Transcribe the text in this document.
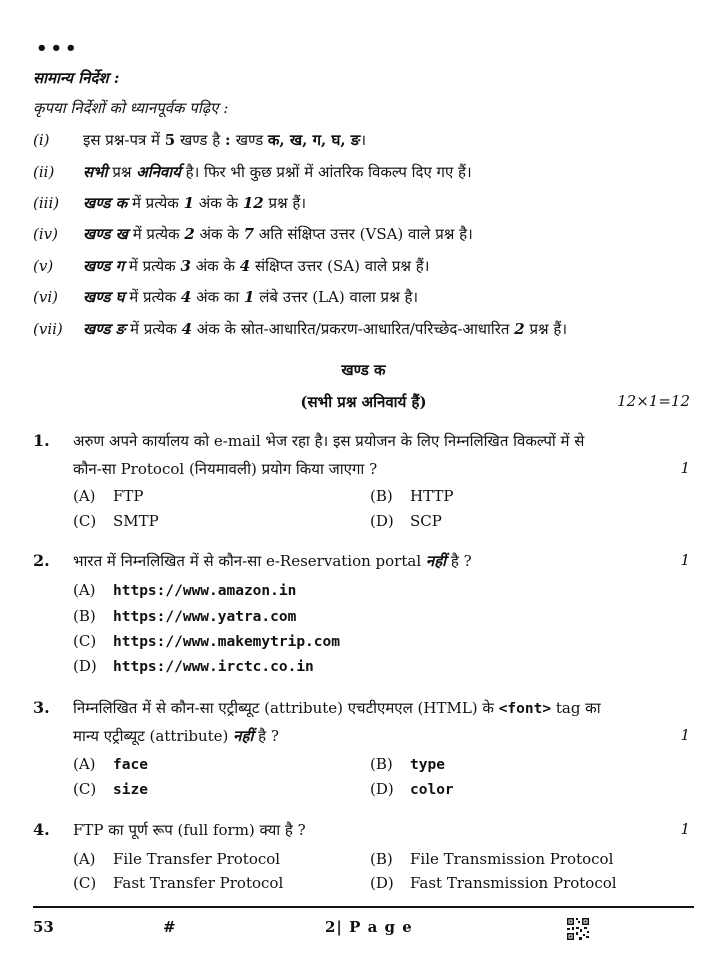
•••
सामान्य निर्देश :
कृपया निर्देशों को ध्यानपूर्वक पढ़िए :
(i) इस प्रश्न-पत्र में 5 खण्ड है : खण्ड क, ख, ग, घ, ङ।
(ii) सभी प्रश्न अनिवार्य है। फिर भी कुछ प्रश्नों में आंतरिक विकल्प दिए गए हैं।
(iii) खण्ड क में प्रत्येक 1 अंक के 12 प्रश्न हैं।
(iv) खण्ड ख में प्रत्येक 2 अंक के 7 अति संक्षिप्त उत्तर (VSA) वाले प्रश्न है।
(v) खण्ड ग में प्रत्येक 3 अंक के 4 संक्षिप्त उत्तर (SA) वाले प्रश्न हैं।
(vi) खण्ड घ में प्रत्येक 4 अंक का 1 लंबे उत्तर (LA) वाला प्रश्न है।
(vii) खण्ड ङ में प्रत्येक 4 अंक के स्रोत-आधारित/प्रकरण-आधारित/परिच्छेद-आधारित 2 प्रश्न हैं।
खण्ड क
(सभी प्रश्न अनिवार्य हैं)	12×1=12
1. अरुण अपने कार्यालय को e-mail भेज रहा है। इस प्रयोजन के लिए निम्नलिखित विकल्पों में से
कौन-सा Protocol (नियमावली) प्रयोग किया जाएगा ?	1
(A) FTP	(B) HTTP
(C) SMTP	(D) SCP
2. भारत में निम्नलिखित में से कौन-सा e-Reservation portal नहीं है ?	1
(A) https://www.amazon.in
(B) https://www.yatra.com
(C) https://www.makemytrip.com
(D) https://www.irctc.co.in
3. निम्नलिखित में से कौन-सा एट्रीब्यूट (attribute) एचटीएमएल (HTML) के <font> tag का
मान्य एट्रीब्यूट (attribute) नहीं है ?	1
(A) face	(B) type
(C) size	(D) color
4. FTP का पूर्ण रूप (full form) क्या है ?	1
(A) File Transfer Protocol	(B) File Transmission Protocol
(C) Fast Transfer Protocol	(D) Fast Transmission Protocol
53	#	2| P a g e
